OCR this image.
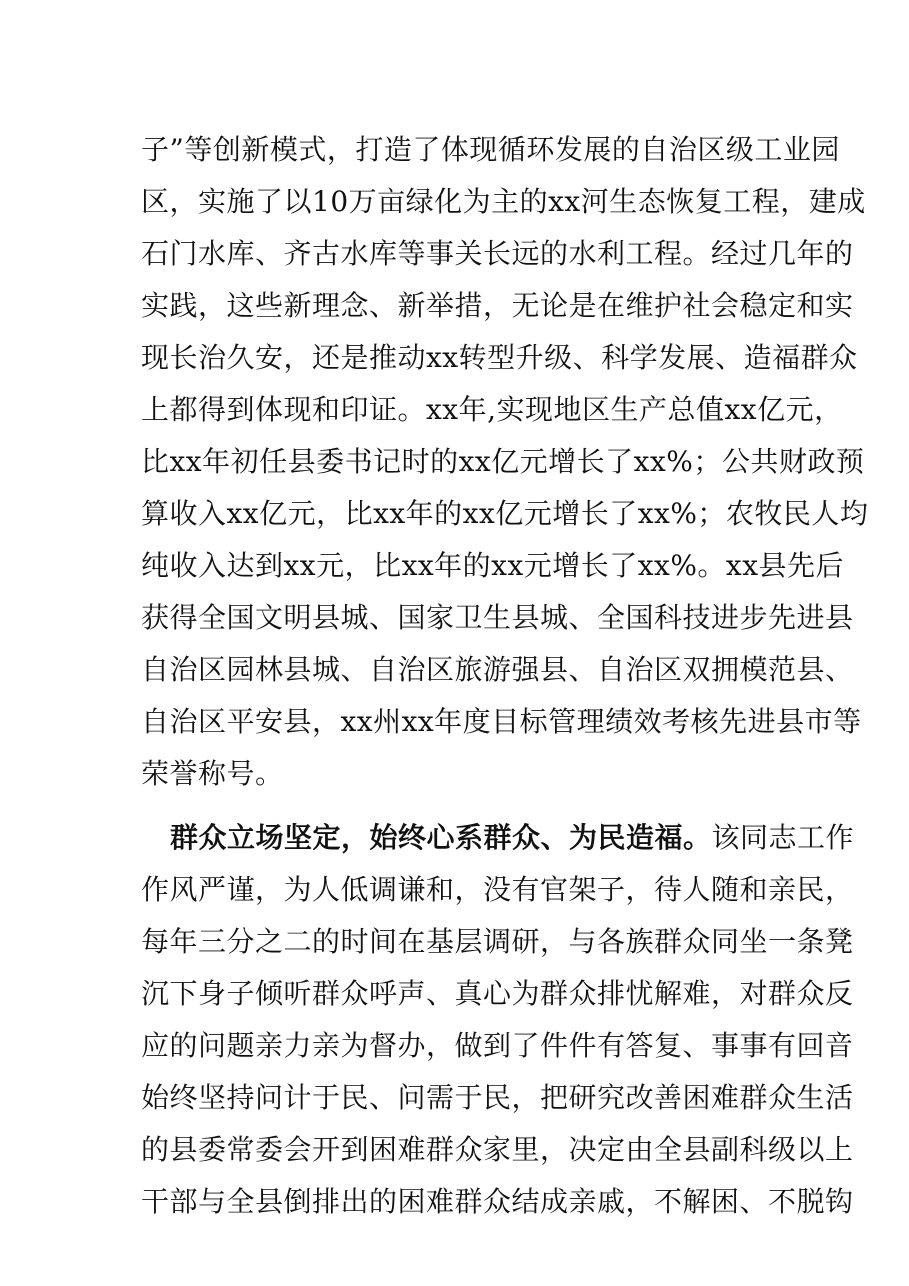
子”等创新模式，打造了体现循环发展的自治区级工业园
区，实施了以10万亩绿化为主的xx河生态恢复工程，建成
石门水库、齐古水库等事关长远的水利工程。经过几年的
实践，这些新理念、新举措，无论是在维护社会稳定和实
现长治久安，还是推动xx转型升级、科学发展、造福群众
上都得到体现和印证。xx年,实现地区生产总值xx亿元，
比xx年初任县委书记时的xx亿元增长了xx%；公共财政预
算收入xx亿元，比xx年的xx亿元增长了xx%；农牧民人均
纯收入达到xx元，比xx年的xx元增长了xx%。xx县先后
获得全国文明县城、国家卫生县城、全国科技进步先进县
自治区园林县城、自治区旅游强县、自治区双拥模范县、
自治区平安县，xx州xx年度目标管理绩效考核先进县市等
荣誉称号。
群众立场坚定，始终心系群众、为民造福。该同志工作
作风严谨，为人低调谦和，没有官架子，待人随和亲民，
每年三分之二的时间在基层调研，与各族群众同坐一条凳
沉下身子倾听群众呼声、真心为群众排忧解难，对群众反
应的问题亲力亲为督办，做到了件件有答复、事事有回音
始终坚持问计于民、问需于民，把研究改善困难群众生活
的县委常委会开到困难群众家里，决定由全县副科级以上
干部与全县倒排出的困难群众结成亲戚，不解困、不脱钩
